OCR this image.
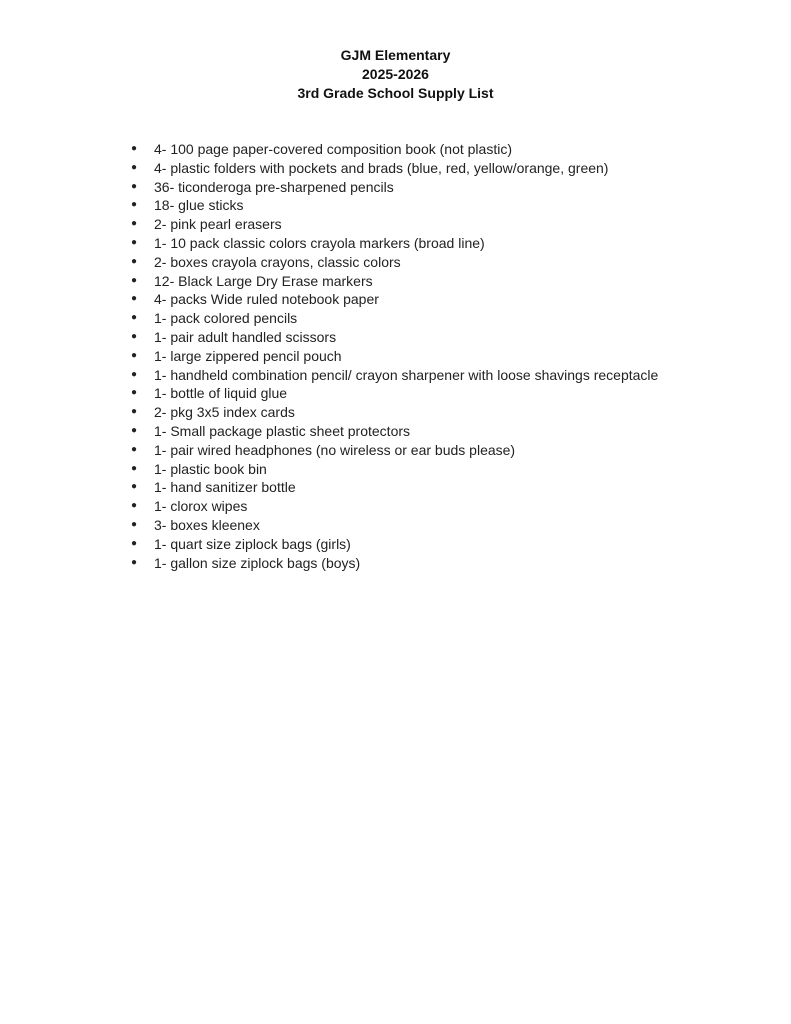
GJM Elementary
2025-2026
3rd Grade School Supply List
● 4- 100 page paper-covered composition book (not plastic)
● 4- plastic folders with pockets and brads (blue, red, yellow/orange, green)
● 36- ticonderoga pre-sharpened pencils
● 18- glue sticks
● 2- pink pearl erasers
● 1- 10 pack classic colors crayola markers (broad line)
● 2- boxes crayola crayons, classic colors
● 12- Black Large Dry Erase markers
● 4- packs Wide ruled notebook paper
● 1- pack colored pencils
● 1- pair adult handled scissors
● 1- large zippered pencil pouch
● 1- handheld combination pencil/ crayon sharpener with loose shavings receptacle
● 1- bottle of liquid glue
● 2- pkg 3x5 index cards
● 1- Small package plastic sheet protectors
● 1- pair wired headphones (no wireless or ear buds please)
● 1- plastic book bin
● 1- hand sanitizer bottle
● 1- clorox wipes
● 3- boxes kleenex
● 1- quart size ziplock bags (girls)
● 1- gallon size ziplock bags (boys)
